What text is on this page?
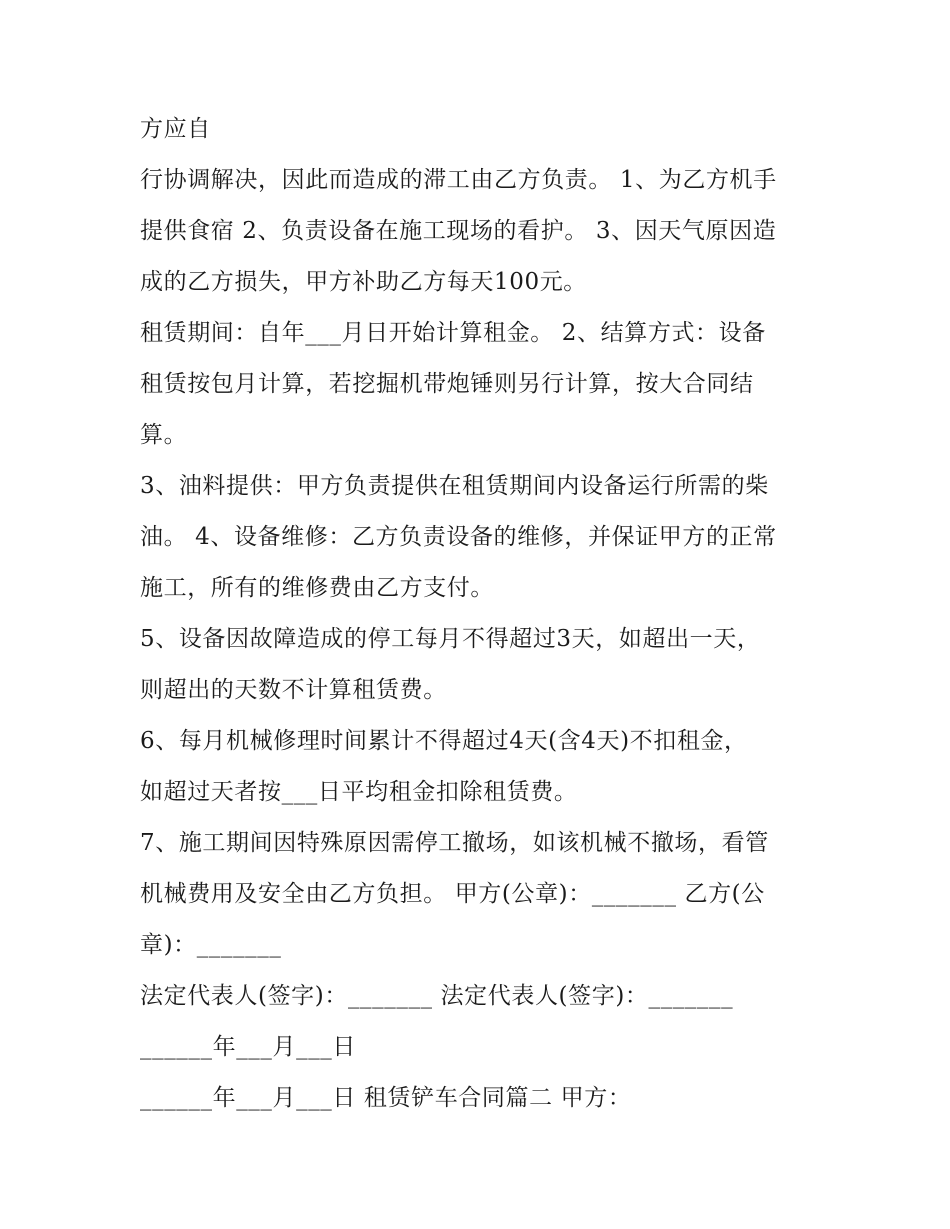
方应自
行协调解决，因此而造成的滞工由乙方负责。 1、为乙方机手
提供食宿 2、负责设备在施工现场的看护。 3、因天气原因造
成的乙方损失，甲方补助乙方每天100元。
租赁期间：自年___月日开始计算租金。 2、结算方式：设备
租赁按包月计算，若挖掘机带炮锤则另行计算，按大合同结
算。
3、油料提供：甲方负责提供在租赁期间内设备运行所需的柴
油。 4、设备维修：乙方负责设备的维修，并保证甲方的正常
施工，所有的维修费由乙方支付。
5、设备因故障造成的停工每月不得超过3天，如超出一天，
则超出的天数不计算租赁费。
6、每月机械修理时间累计不得超过4天(含4天)不扣租金，
如超过天者按___日平均租金扣除租赁费。
7、施工期间因特殊原因需停工撤场，如该机械不撤场，看管
机械费用及安全由乙方负担。 甲方(公章)：_______ 乙方(公
章)：_______
法定代表人(签字)：_______ 法定代表人(签字)：_______
______年___月___日
______年___月___日 租赁铲车合同篇二 甲方：
